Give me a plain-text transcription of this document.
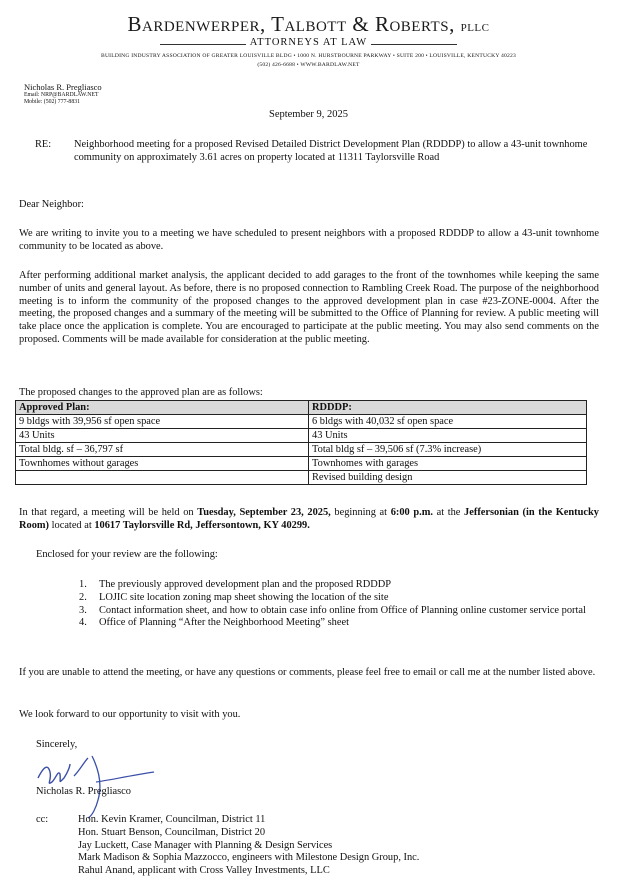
Bardenwerper, Talbott & Roberts, PLLC
ATTORNEYS AT LAW
BUILDING INDUSTRY ASSOCIATION OF GREATER LOUISVILLE BLDG • 1000 N. HURSTBOURNE PARKWAY • SUITE 200 • LOUISVILLE, KENTUCKY 40223
(502) 426-6688 • WWW.BARDLAW.NET
Nicholas R. Pregliasco
Email: NRP@BARDLAW.NET
Mobile: (502) 777-8831
September 9, 2025
RE: Neighborhood meeting for a proposed Revised Detailed District Development Plan (RDDDP) to allow a 43-unit townhome community on approximately 3.61 acres on property located at 11311 Taylorsville Road
Dear Neighbor:
We are writing to invite you to a meeting we have scheduled to present neighbors with a proposed RDDDP to allow a 43-unit townhome community to be located as above.
After performing additional market analysis, the applicant decided to add garages to the front of the townhomes while keeping the same number of units and general layout. As before, there is no proposed connection to Rambling Creek Road. The purpose of the neighborhood meeting is to inform the community of the proposed changes to the approved development plan in case #23-ZONE-0004. After the meeting, the proposed changes and a summary of the meeting will be submitted to the Office of Planning for review. A public meeting will take place once the application is complete. You are encouraged to participate at the public meeting. You may also send comments on the proposed. Comments will be made available for consideration at the public meeting.
The proposed changes to the approved plan are as follows:
Approved Plan:	RDDDP:
9 bldgs with 39,956 sf open space	6 bldgs with 40,032 sf open space
43 Units	43 Units
Total bldg. sf – 36,797 sf	Total bldg sf – 39,506 sf (7.3% increase)
Townhomes without garages	Townhomes with garages
	Revised building design
In that regard, a meeting will be held on Tuesday, September 23, 2025, beginning at 6:00 p.m. at the Jeffersonian (in the Kentucky Room) located at 10617 Taylorsville Rd, Jeffersontown, KY 40299.
Enclosed for your review are the following:
1.	The previously approved development plan and the proposed RDDDP
2.	LOJIC site location zoning map sheet showing the location of the site
3.	Contact information sheet, and how to obtain case info online from Office of Planning online customer service portal
4.	Office of Planning “After the Neighborhood Meeting” sheet
If you are unable to attend the meeting, or have any questions or comments, please feel free to email or call me at the number listed above.
We look forward to our opportunity to visit with you.
Sincerely,
Nicholas R. Pregliasco
cc:	Hon. Kevin Kramer, Councilman, District 11
Hon. Stuart Benson, Councilman, District 20
Jay Luckett, Case Manager with Planning & Design Services
Mark Madison & Sophia Mazzocco, engineers with Milestone Design Group, Inc.
Rahul Anand, applicant with Cross Valley Investments, LLC
